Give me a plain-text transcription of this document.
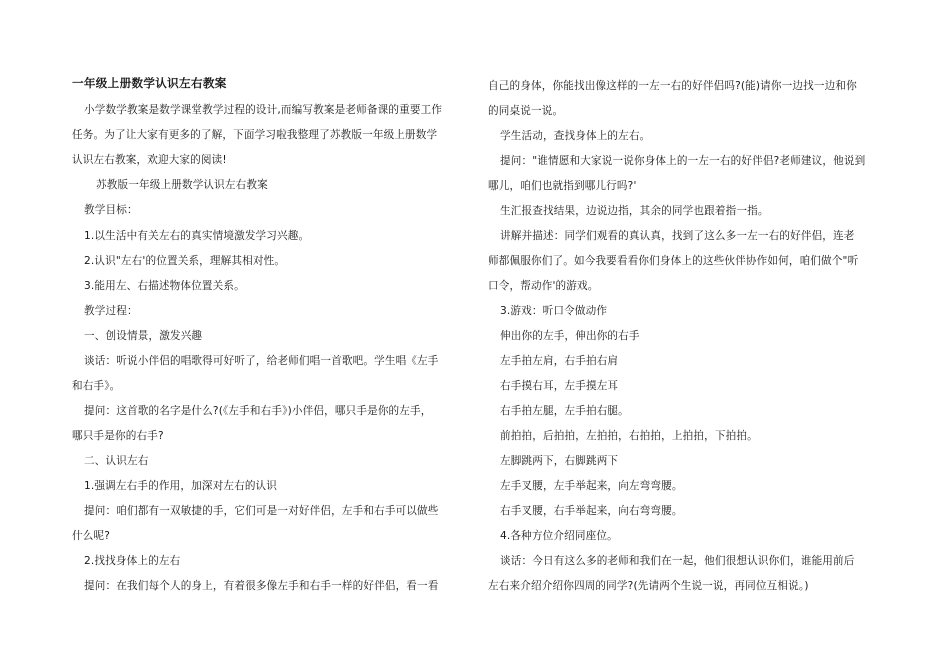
一年级上册数学认识左右教案
小学数学教案是数学课堂教学过程的设计,而编写教案是老师备课的重要工作
任务。为了让大家有更多的了解，下面学习啦我整理了苏教版一年级上册数学
认识左右教案，欢迎大家的阅读!
苏教版一年级上册数学认识左右教案
教学目标：
1.以生活中有关左右的真实情境激发学习兴趣。
2.认识"左右'的位置关系，理解其相对性。
3.能用左、右描述物体位置关系。
教学过程：
一、创设情景，激发兴趣
谈话：听说小伴侣的唱歌得可好听了，给老师们唱一首歌吧。学生唱《左手
和右手》。
提问：这首歌的名字是什么?(《左手和右手》)小伴侣，哪只手是你的左手，
哪只手是你的右手?
二、认识左右
1.强调左右手的作用，加深对左右的认识
提问：咱们都有一双敏捷的手，它们可是一对好伴侣，左手和右手可以做些
什么呢?
2.找找身体上的左右
提问：在我们每个人的身上，有着很多像左手和右手一样的好伴侣，看一看
自己的身体，你能找出像这样的一左一右的好伴侣吗?(能)请你一边找一边和你
的同桌说一说。
学生活动，查找身体上的左右。
提问："谁情愿和大家说一说你身体上的一左一右的好伴侣?老师建议，他说到
哪儿，咱们也就指到哪儿行吗?'
生汇报查找结果，边说边指，其余的同学也跟着指一指。
讲解并描述：同学们观看的真认真，找到了这么多一左一右的好伴侣，连老
师都佩服你们了。如今我要看看你们身体上的这些伙伴协作如何，咱们做个"听
口令，帮动作'的游戏。
3.游戏：听口令做动作
伸出你的左手，伸出你的右手
左手拍左肩，右手拍右肩
右手摸右耳，左手摸左耳
右手拍左腿，左手拍右腿。
前拍拍，后拍拍，左拍拍，右拍拍，上拍拍，下拍拍。
左脚跳两下，右脚跳两下
左手叉腰，左手举起来，向左弯弯腰。
右手叉腰，右手举起来，向右弯弯腰。
4.各种方位介绍同座位。
谈话：今日有这么多的老师和我们在一起，他们很想认识你们，谁能用前后
左右来介绍介绍你四周的同学?(先请两个生说一说，再同位互相说。)
